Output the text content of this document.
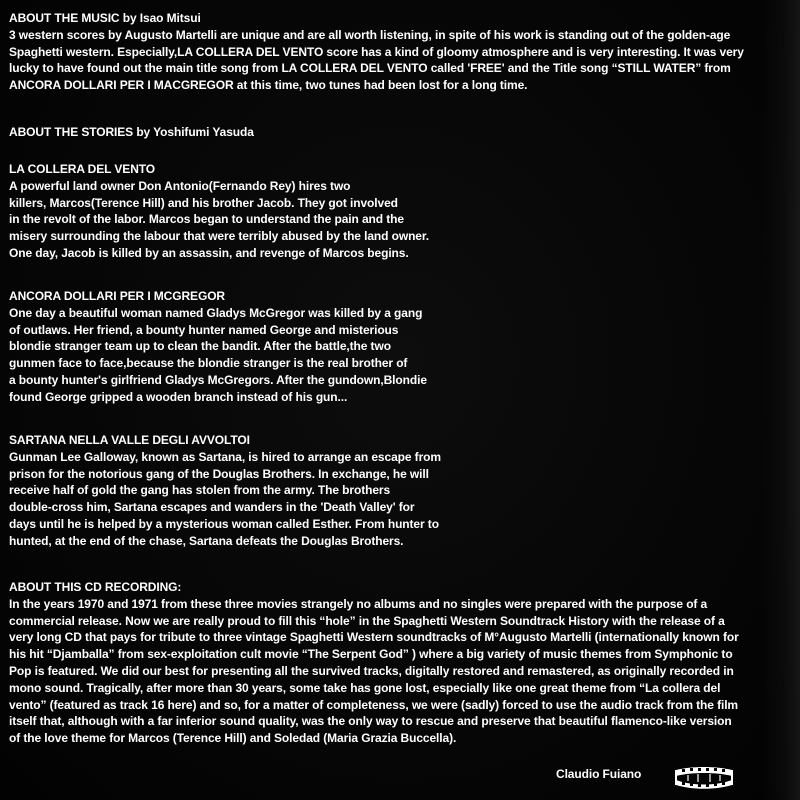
ABOUT THE MUSIC by Isao Mitsui
3 western scores by Augusto Martelli are unique and are all worth listening, in spite of his work is standing out of the golden-age
Spaghetti western. Especially,LA COLLERA DEL VENTO score has a kind of gloomy atmosphere and is very interesting. It was very
lucky to have found out the main title song from LA COLLERA DEL VENTO called 'FREE' and the Title song “STILL WATER” from
ANCORA DOLLARI PER I MACGREGOR at this time, two tunes had been lost for a long time.
ABOUT THE STORIES by Yoshifumi Yasuda
LA COLLERA DEL VENTO
A powerful land owner Don Antonio(Fernando Rey) hires two
killers, Marcos(Terence Hill) and his brother Jacob. They got involved
in the revolt of the labor. Marcos began to understand the pain and the
misery surrounding the labour that were terribly abused by the land owner.
One day, Jacob is killed by an assassin, and revenge of Marcos begins.
ANCORA DOLLARI PER I MCGREGOR
One day a beautiful woman named Gladys McGregor was killed by a gang
of outlaws. Her friend, a bounty hunter named George and misterious
blondie stranger team up to clean the bandit. After the battle,the two
gunmen face to face,because the blondie stranger is the real brother of
a bounty hunter's girlfriend Gladys McGregors. After the gundown,Blondie
found George gripped a wooden branch instead of his gun...
SARTANA NELLA VALLE DEGLI AVVOLTOI
Gunman Lee Galloway, known as Sartana, is hired to arrange an escape from
prison for the notorious gang of the Douglas Brothers. In exchange, he will
receive half of gold the gang has stolen from the army. The brothers
double-cross him, Sartana escapes and wanders in the 'Death Valley' for
days until he is helped by a mysterious woman called Esther. From hunter to
hunted, at the end of the chase, Sartana defeats the Douglas Brothers.
ABOUT THIS CD RECORDING:
In the years 1970 and 1971 from these three movies strangely no albums and no singles were prepared with the purpose of a
commercial release. Now we are really proud to fill this “hole” in the Spaghetti Western Soundtrack History with the release of a
very long CD that pays for tribute to three vintage Spaghetti Western soundtracks of M°Augusto Martelli (internationally known for
his hit “Djamballa” from sex-exploitation cult movie “The Serpent God” ) where a big variety of music themes from Symphonic to
Pop is featured. We did our best for presenting all the survived tracks, digitally restored and remastered, as originally recorded in
mono sound. Tragically, after more than 30 years, some take has gone lost, especially like one great theme from “La collera del
vento” (featured as track 16 here) and so, for a matter of completeness, we were (sadly) forced to use the audio track from the film
itself that, although with a far inferior sound quality, was the only way to rescue and preserve that beautiful flamenco-like version
of the love theme for Marcos (Terence Hill) and Soledad (Maria Grazia Buccella).
Claudio Fuiano
